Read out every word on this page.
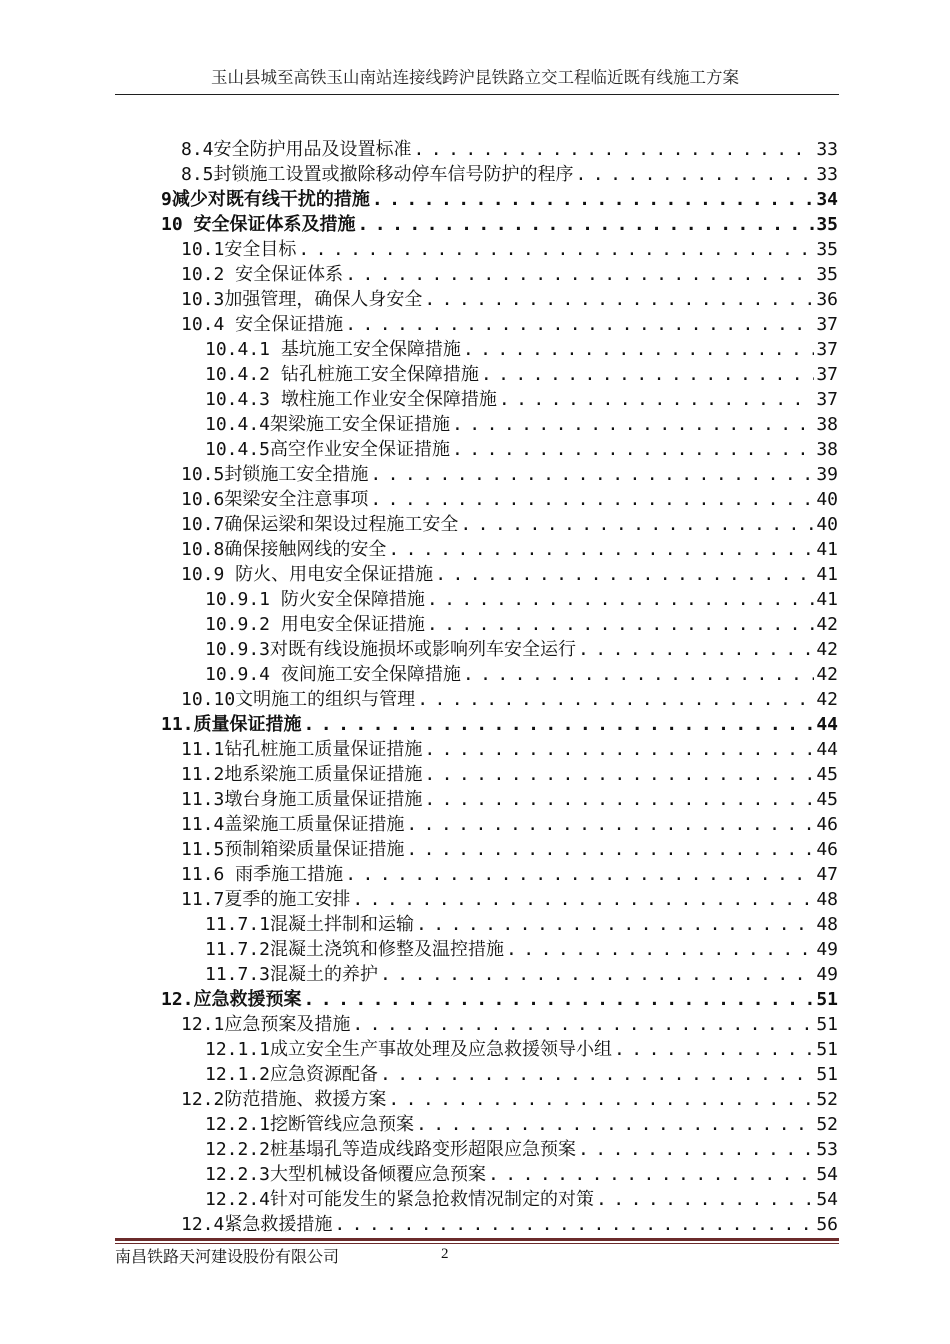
玉山县城至高铁玉山南站连接线跨沪昆铁路立交工程临近既有线施工方案
8.4安全防护用品及设置标准 . . .	33
8.5封锁施工设置或撤除移动停车信号防护的程序 . . .	33
9减少对既有线干扰的措施 . . .	34
10 安全保证体系及措施 . . .	35
10.1安全目标 . . .	35
10.2 安全保证体系 . . .	35
10.3加强管理，确保人身安全 . . .	36
10.4 安全保证措施 . . .	37
10.4.1 基坑施工安全保障措施 . . .	37
10.4.2 钻孔桩施工安全保障措施 . . .	37
10.4.3 墩柱施工作业安全保障措施 . . .	37
10.4.4架梁施工安全保证措施 . . .	38
10.4.5高空作业安全保证措施 . . .	38
10.5封锁施工安全措施 . . .	39
10.6架梁安全注意事项 . . .	40
10.7确保运梁和架设过程施工安全 . . .	40
10.8确保接触网线的安全 . . .	41
10.9 防火、用电安全保证措施 . . .	41
10.9.1 防火安全保障措施 . . .	41
10.9.2 用电安全保证措施 . . .	42
10.9.3对既有线设施损坏或影响列车安全运行 . . .	42
10.9.4 夜间施工安全保障措施 . . .	42
10.10文明施工的组织与管理 . . .	42
11.质量保证措施 . . .	44
11.1钻孔桩施工质量保证措施 . . .	44
11.2地系梁施工质量保证措施 . . .	45
11.3墩台身施工质量保证措施 . . .	45
11.4盖梁施工质量保证措施 . . .	46
11.5预制箱梁质量保证措施 . . .	46
11.6 雨季施工措施 . . .	47
11.7夏季的施工安排 . . .	48
11.7.1混凝土拌制和运输 . . .	48
11.7.2混凝土浇筑和修整及温控措施 . . .	49
11.7.3混凝土的养护 . . .	49
12.应急救援预案 . . .	51
12.1应急预案及措施 . . .	51
12.1.1成立安全生产事故处理及应急救援领导小组 . . .	51
12.1.2应急资源配备 . . .	51
12.2防范措施、救援方案 . . .	52
12.2.1挖断管线应急预案 . . .	52
12.2.2桩基塌孔等造成线路变形超限应急预案 . . .	53
12.2.3大型机械设备倾覆应急预案 . . .	54
12.2.4针对可能发生的紧急抢救情况制定的对策 . . .	54
12.4紧急救援措施 . . .	56
南昌铁路天河建设股份有限公司	2
